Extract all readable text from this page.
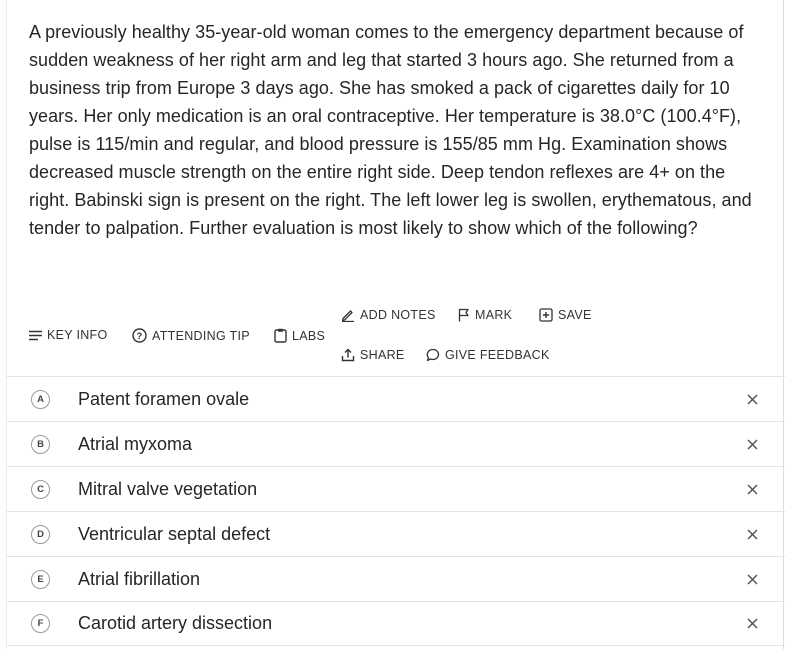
A previously healthy 35-year-old woman comes to the emergency department because of sudden weakness of her right arm and leg that started 3 hours ago. She returned from a business trip from Europe 3 days ago. She has smoked a pack of cigarettes daily for 10 years. Her only medication is an oral contraceptive. Her temperature is 38.0°C (100.4°F), pulse is 115/min and regular, and blood pressure is 155/85 mm Hg. Examination shows decreased muscle strength on the entire right side. Deep tendon reflexes are 4+ on the right. Babinski sign is present on the right. The left lower leg is swollen, erythematous, and tender to palpation. Further evaluation is most likely to show which of the following?

KEY INFO	? ATTENDING TIP	LABS
ADD NOTES	MARK	SAVE
SHARE	GIVE FEEDBACK
A	Patent foramen ovale
B	Atrial myxoma
C	Mitral valve vegetation
D	Ventricular septal defect
E	Atrial fibrillation
F	Carotid artery dissection
